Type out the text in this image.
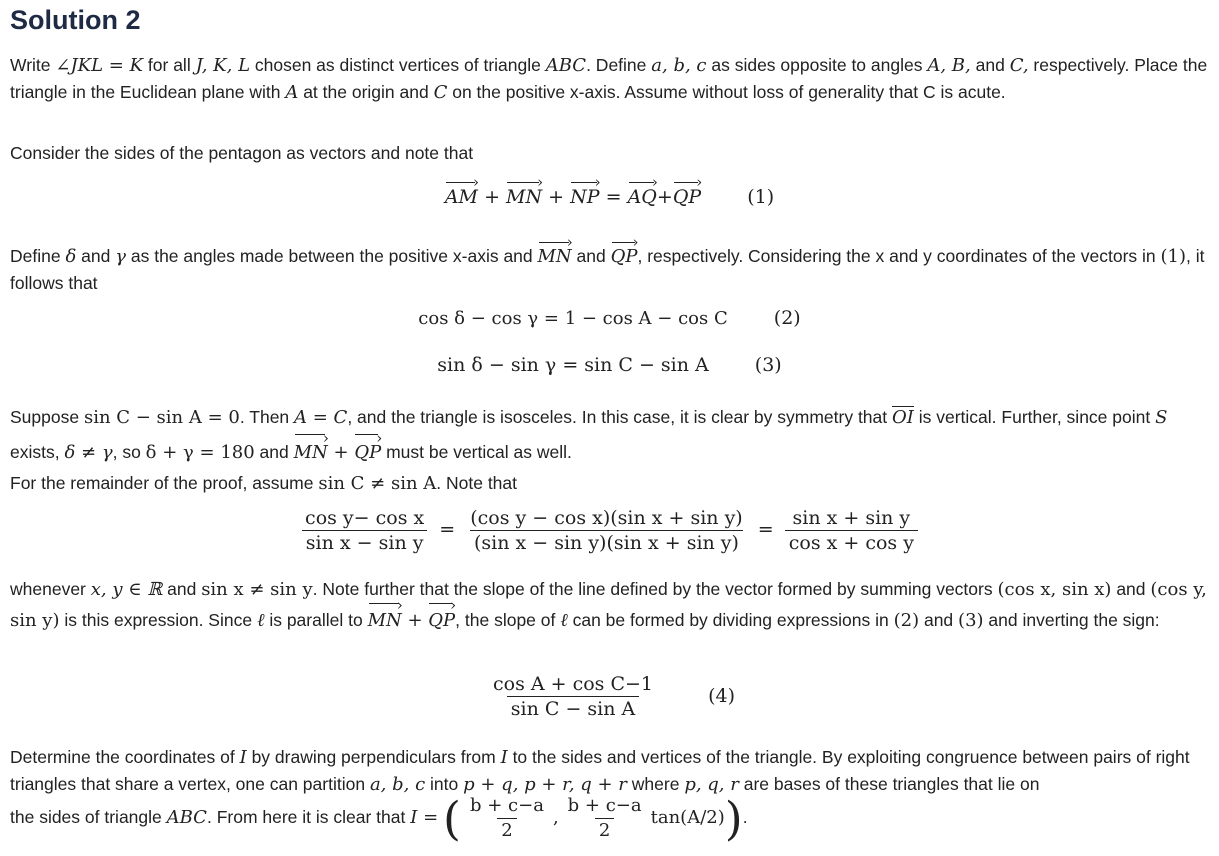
Solution 2

Write ∠JKL = K for all J, K, L chosen as distinct vertices of triangle ABC. Define a, b, c as sides opposite to angles A, B, and C, respectively. Place the triangle in the Euclidean plane with A at the origin and C on the positive x-axis. Assume without loss of generality that C is acute.

Consider the sides of the pentagon as vectors and note that

AM › + MN › + NP › = AQ ›+QP › (1)

Define δ and γ as the angles made between the positive x-axis and MN › and QP ›, respectively. Considering the x and y coordinates of the vectors in (1), it follows that

cos δ − cos γ = 1 − cos A − cos C (2)
sin δ − sin γ = sin C − sin A (3)

Suppose sin C − sin A = 0. Then A = C, and the triangle is isosceles. In this case, it is clear by symmetry that OI is vertical. Further, since point S exists, δ ≠ γ, so δ + γ = 180 and MN › + QP › must be vertical as well.

For the remainder of the proof, assume sin C ≠ sin A. Note that

$\frac{\text{cos y− cos x}}{\text{sin x − sin y}} = \frac{\text{(cos y − cos x)(sin x + sin y)}}{\text{(sin x − sin y)(sin x + sin y)}} = \frac{\text{sin x + sin y}}{\text{cos x + cos y}}$

whenever x, y ∈ ℝ and sin x ≠ sin y. Note further that the slope of the line defined by the vector formed by summing vectors (cos x, sin x) and (cos y, sin y) is this expression. Since ℓ is parallel to MN › + QP ›, the slope of ℓ can be formed by dividing expressions in (2) and (3) and inverting the sign:

$\frac{\text{cos A + cos C−1}}{\text{sin C − sin A}}$	(4)

Determine the coordinates of I by drawing perpendiculars from I to the sides and vertices of the triangle. By exploiting congruence between pairs of right triangles that share a vertex, one can partition a, b, c into p + q, p + r, q + r where p, q, r are bases of these triangles that lie on

the sides of triangle ABC. From here it is clear that I = ( $\frac{b + c-a}{2}$ , $\frac{b + c-a}{2} \tan(A/2)$).
